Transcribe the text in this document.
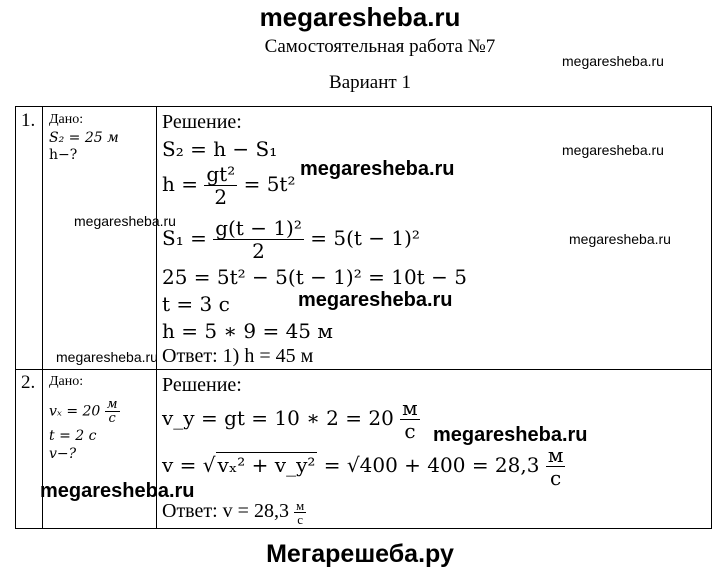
megaresheba.ru
Самостоятельная работа №7
Вариант 1
megaresheba.ru
megaresheba.ru
megaresheba.ru
megaresheba.ru
megaresheba.ru
1. Дано:
S₂ = 25 м
h−?
Решение:
S₂ = h − S₁
$h = \frac{\text{gt²}}{2} = 5t^2$
$S_1 = \frac{\text{g(t − 1)²}}{2} = 5(t - 1)^2$
25 = 5t² − 5(t − 1)² = 10t − 5
t = 3 с
h = 5 ∗ 9 = 45 м
Ответ: 1) h = 45 м
2. Дано:
$v_x = 20 \frac{м}{с}$
t = 2 с
v−?
Решение:
v_y = gt = 10 ∗ $2 = 20 \frac{м}{с}$
v = √ vₓ² + v_y² = $√400 + 400 = 28,3 \frac{м}{с}$
Ответ: $v = 28,3 \frac{м}{с}$
megaresheba.ru
megaresheba.ru
megaresheba.ru
megaresheba.ru
Мегарешеба.ру
